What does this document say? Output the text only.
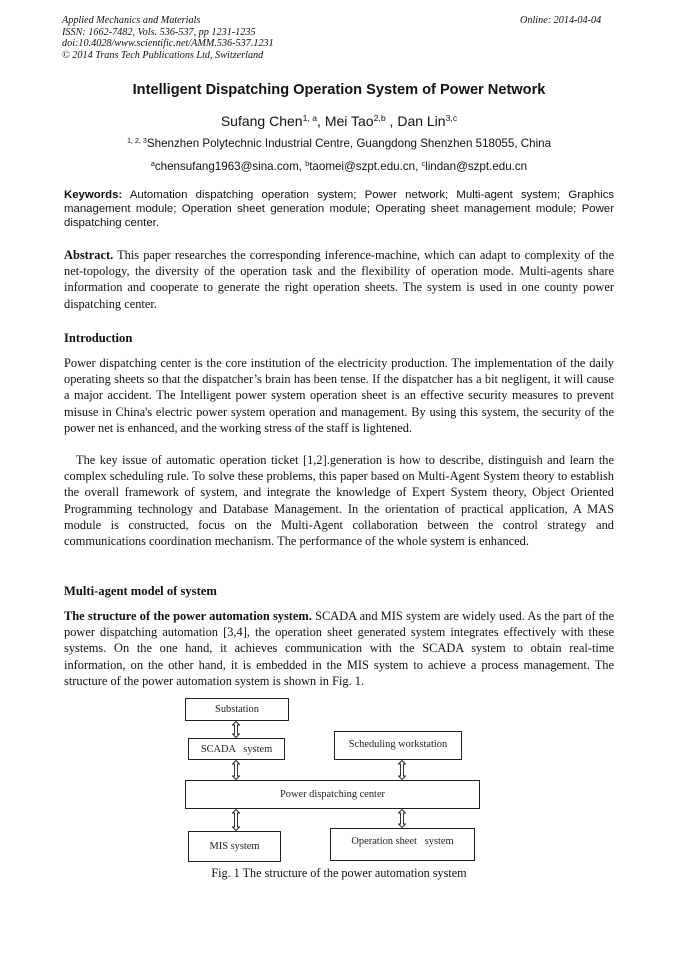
Applied Mechanics and Materials
ISSN: 1662-7482, Vols. 536-537, pp 1231-1235
doi:10.4028/www.scientific.net/AMM.536-537.1231
© 2014 Trans Tech Publications Ltd, Switzerland
Online: 2014-04-04
Intelligent Dispatching Operation System of Power Network
Sufang Chen$^{1, a}$, Mei Tao$^{2,b}$ , Dan Lin$^{3,c}$
$^{1, 2, 3}$Shenzhen Polytechnic Industrial Centre, Guangdong Shenzhen 518055, China
$^a$chensufang1963@sina.com, $^b$taomei@szpt.edu.cn, $^c$lindan@szpt.edu.cn
Keywords: Automation dispatching operation system; Power network; Multi-agent system; Graphics management module; Operation sheet generation module; Operating sheet management module; Power dispatching center.
Abstract. This paper researches the corresponding inference-machine, which can adapt to complexity of the net-topology, the diversity of the operation task and the flexibility of operation mode. Multi-agents share information and cooperate to generate the right operation sheets. The system is used in one county power dispatching center.
Introduction
Power dispatching center is the core institution of the electricity production. The implementation of the daily operating sheets so that the dispatcher’s brain has been tense. If the dispatcher has a bit negligent, it will cause a major accident. The Intelligent power system operation sheet is an effective security measures to prevent misuse in China's electric power system operation and management. By using this system, the security of the power net is enhanced, and the working stress of the staff is lightened.
The key issue of automatic operation ticket [1,2].generation is how to describe, distinguish and learn the complex scheduling rule. To solve these problems, this paper based on Multi-Agent System theory to establish the overall framework of system, and integrate the knowledge of Expert System theory, Object Oriented Programming technology and Database Management. In the orientation of practical application, A MAS module is constructed, focus on the Multi-Agent collaboration between the control strategy and communications coordination mechanism. The performance of the whole system is enhanced.
Multi-agent model of system
The structure of the power automation system. SCADA and MIS system are widely used. As the part of the power dispatching automation [3,4], the operation sheet generated system integrates effectively with these systems. On the one hand, it achieves communication with the SCADA system to obtain real-time information, on the other hand, it is embedded in the MIS system to achieve a process management. The structure of the power automation system is shown in Fig. 1.
Substation
SCADA   system	Scheduling workstation
Power dispatching center
MIS system	Operation sheet   system
Fig. 1 The structure of the power automation system
